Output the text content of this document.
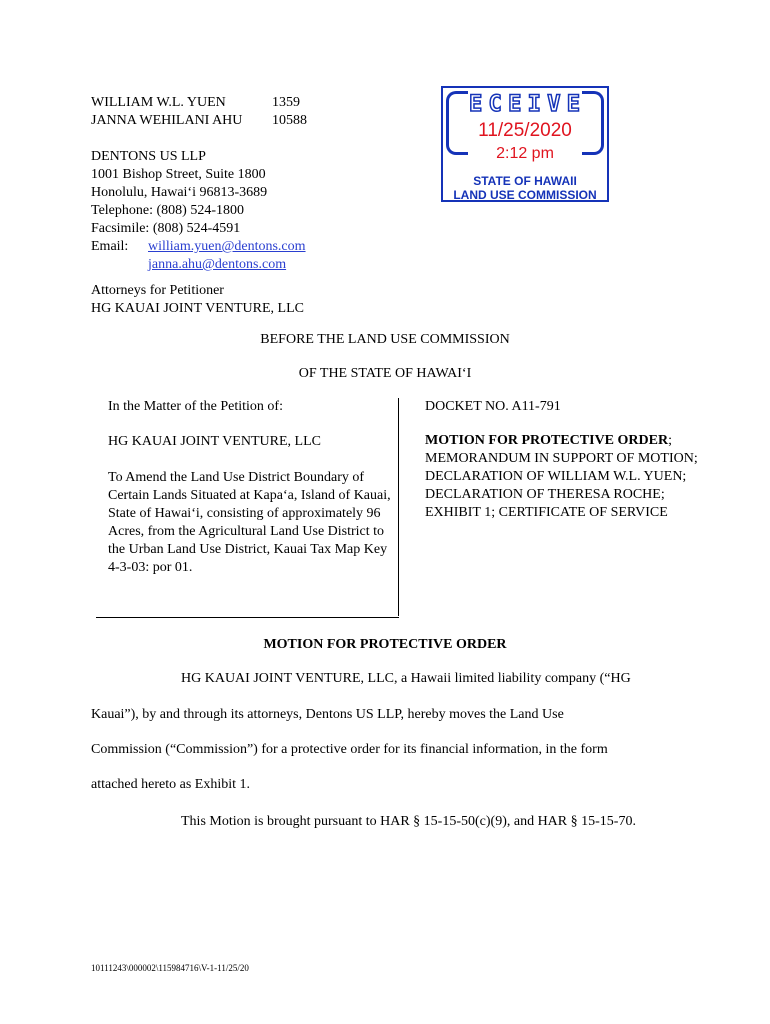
WILLIAM W.L. YUEN	1359
JANNA WEHILANI AHU 10588
DENTONS US LLP
1001 Bishop Street, Suite 1800
Honolulu, Hawai‘i 96813-3689
Telephone: (808) 524-1800
Facsimile: (808) 524-4591
Email: william.yuen@dentons.com
janna.ahu@dentons.com
Attorneys for Petitioner
HG KAUAI JOINT VENTURE, LLC
E C E I V E
11/25/2020
2:12 pm
STATE OF HAWAII
LAND USE COMMISSION
BEFORE THE LAND USE COMMISSION
OF THE STATE OF HAWAI‘I
In the Matter of the Petition of:
HG KAUAI JOINT VENTURE, LLC
To Amend the Land Use District Boundary of Certain Lands Situated at Kapa‘a, Island of Kauai, State of Hawai‘i, consisting of approximately 96 Acres, from the Agricultural Land Use District to the Urban Land Use District, Kauai Tax Map Key 4-3-03: por 01.
DOCKET NO. A11-791
MOTION FOR PROTECTIVE ORDER; MEMORANDUM IN SUPPORT OF MOTION; DECLARATION OF WILLIAM W.L. YUEN; DECLARATION OF THERESA ROCHE; EXHIBIT 1; CERTIFICATE OF SERVICE
MOTION FOR PROTECTIVE ORDER
HG KAUAI JOINT VENTURE, LLC, a Hawaii limited liability company (“HG
Kauai”), by and through its attorneys, Dentons US LLP, hereby moves the Land Use
Commission (“Commission”) for a protective order for its financial information, in the form
attached hereto as Exhibit 1.
This Motion is brought pursuant to HAR § 15-15-50(c)(9), and HAR § 15-15-70.
10111243\000002\115984716\V-1-11/25/20
